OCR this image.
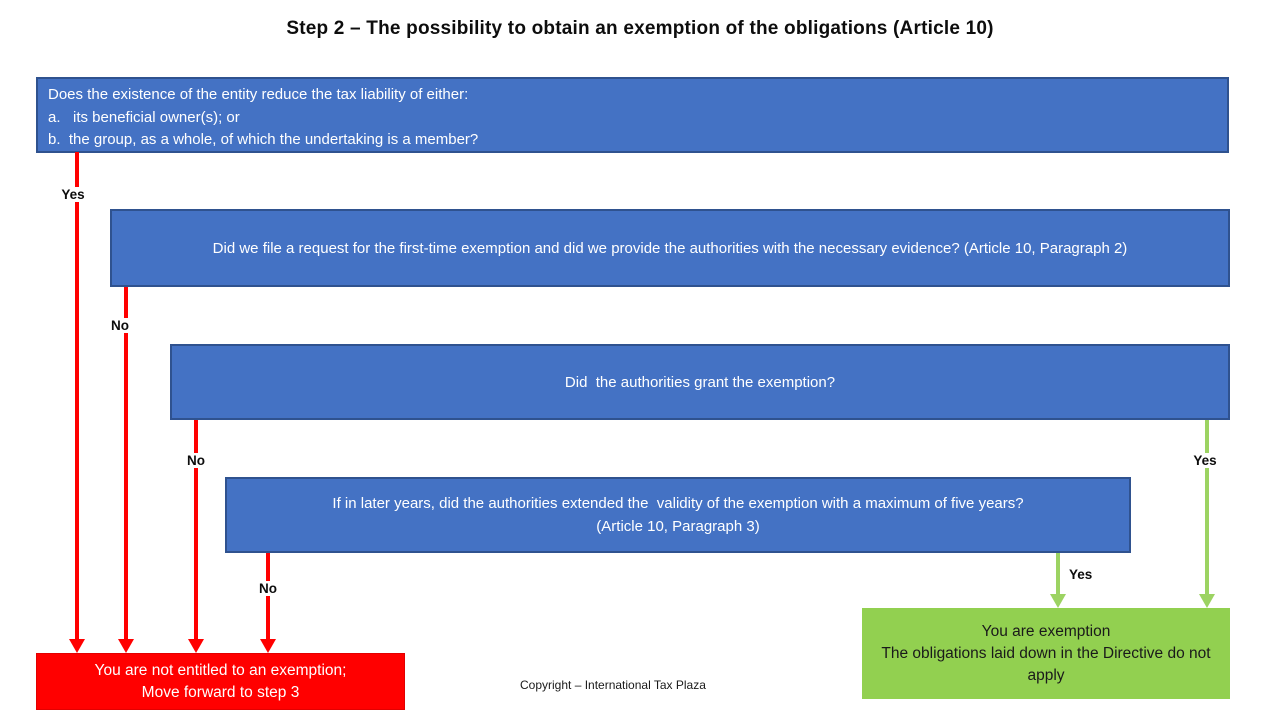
Step 2 – The possibility to obtain an exemption of the obligations (Article 10)
Does the existence of the entity reduce the tax liability of either:
a.   its beneficial owner(s); or
b.  the group, as a whole, of which the undertaking is a member?
Did we file a request for the first-time exemption and did we provide the authorities with the necessary evidence? (Article 10, Paragraph 2)
Did  the authorities grant the exemption?
If in later years, did the authorities extended the  validity of the exemption with a maximum of five years?
(Article 10, Paragraph 3)
You are not entitled to an exemption;
Move forward to step 3
You are exemption
The obligations laid down in the Directive do not apply
Yes
No
No
No
Yes
Yes
Copyright – International Tax Plaza
